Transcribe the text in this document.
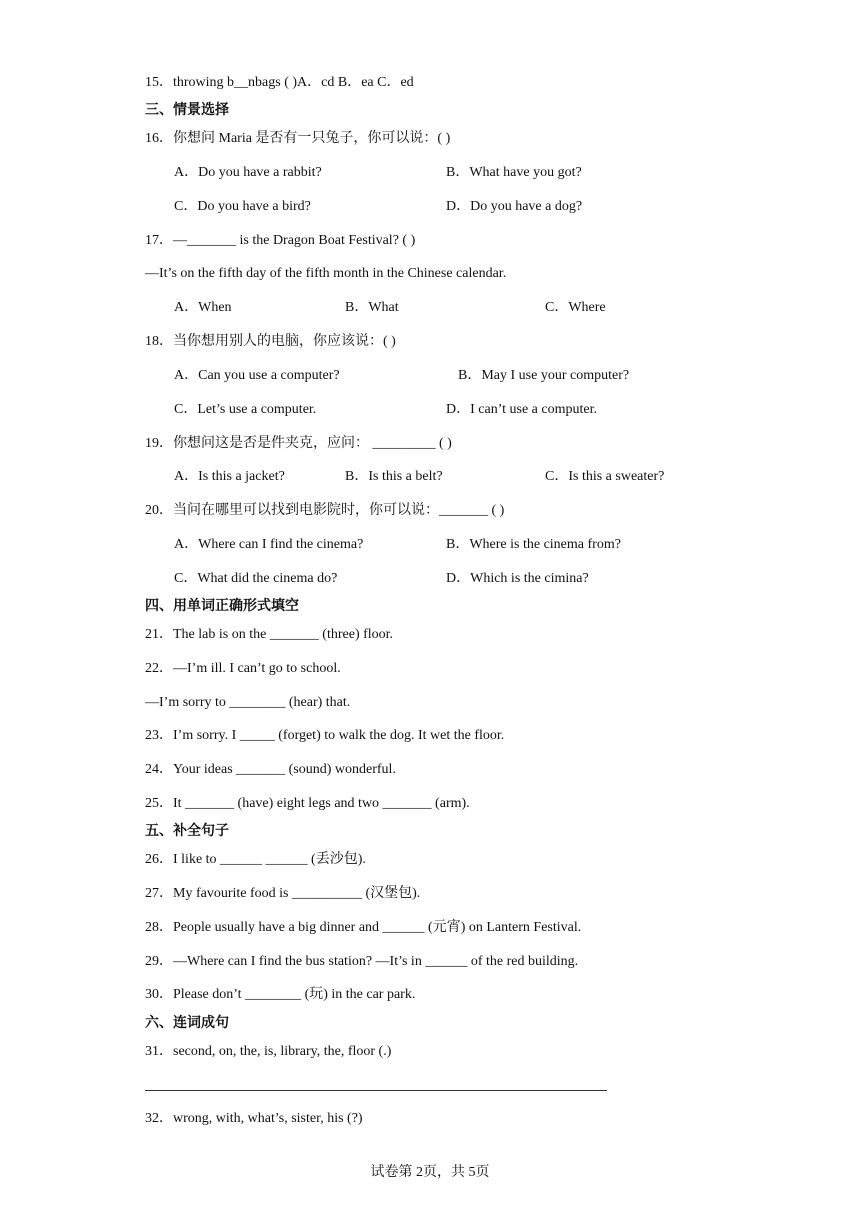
15．throwing b__nbags ( )A．cd B．ea C．ed
三、情景选择
16．你想问 Maria 是否有一只兔子，你可以说：( )
A．Do you have a rabbit?	B．What have you got?
C．Do you have a bird?	D．Do you have a dog?
17．—_______ is the Dragon Boat Festival? ( )
—It’s on the fifth day of the fifth month in the Chinese calendar.
A．When	B．What	C．Where
18．当你想用别人的电脑，你应该说：( )
A．Can you use a computer?	B．May I use your computer?
C．Let’s use a computer.	D．I can’t use a computer.
19．你想问这是否是件夹克，应问： _________ ( )
A．Is this a jacket?	B．Is this a belt?	C．Is this a sweater?
20．当问在哪里可以找到电影院时，你可以说：_______ ( )
A．Where can I find the cinema?	B．Where is the cinema from?
C．What did the cinema do?	D．Which is the cimina?
四、用单词正确形式填空
21．The lab is on the _______ (three) floor.
22．—I’m ill. I can’t go to school.
—I’m sorry to ________ (hear) that.
23．I’m sorry. I _____ (forget) to walk the dog. It wet the floor.
24．Your ideas _______ (sound) wonderful.
25．It _______ (have) eight legs and two _______ (arm).
五、补全句子
26．I like to ______ ______ (丢沙包).
27．My favourite food is __________ (汉堡包).
28．People usually have a big dinner and ______ (元宵) on Lantern Festival.
29．—Where can I find the bus station? —It’s in ______ of the red building.
30．Please don’t ________ (玩) in the car park.
六、连词成句
31．second, on, the, is, library, the, floor (.)
32．wrong, with, what’s, sister, his (?)
试卷第 2页，共 5页
